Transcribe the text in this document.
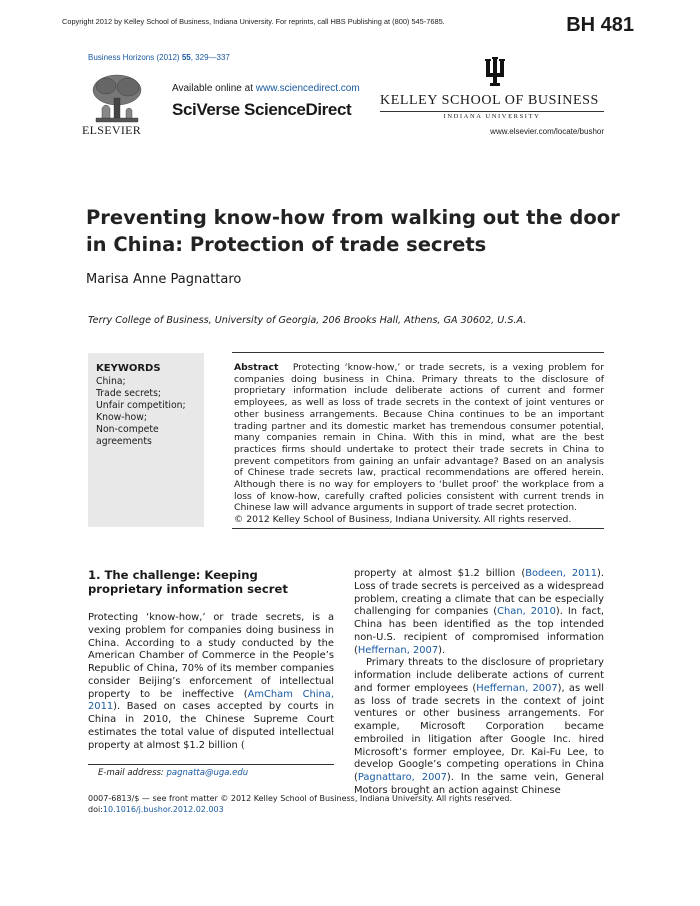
Copyright 2012 by Kelley School of Business, Indiana University. For reprints, call HBS Publishing at (800) 545-7685.	BH 481
Business Horizons (2012) 55, 329—337
ELSEVIER
Available online at www.sciencedirect.com
SciVerse ScienceDirect KELLEY SCHOOL OF BUSINESS
INDIANA UNIVERSITY
www.elsevier.com/locate/bushor
Preventing know-how from walking out the door in China: Protection of trade secrets
Marisa Anne Pagnattaro
Terry College of Business, University of Georgia, 206 Brooks Hall, Athens, GA 30602, U.S.A.
KEYWORDS
China;
Trade secrets;
Unfair competition;
Know-how;
Non-compete agreements
Abstract Protecting ‘know-how,’ or trade secrets, is a vexing problem for companies doing business in China. Primary threats to the disclosure of proprietary information include deliberate actions of current and former employees, as well as loss of trade secrets in the context of joint ventures or other business arrangements. Because China continues to be an important trading partner and its domestic market has tremendous consumer potential, many companies remain in China. With this in mind, what are the best practices firms should undertake to protect their trade secrets in China to prevent competitors from gaining an unfair advantage? Based on an analysis of Chinese trade secrets law, practical recommendations are offered herein. Although there is no way for employers to ‘bullet proof’ the workplace from a loss of know-how, carefully crafted policies consistent with current trends in Chinese law will advance arguments in support of trade secret protection.
© 2012 Kelley School of Business, Indiana University. All rights reserved.
1. The challenge: Keeping proprietary information secret
Protecting ‘know-how,’ or trade secrets, is a vexing problem for companies doing business in China. According to a study conducted by the American Chamber of Commerce in the People’s Republic of China, 70% of its member companies consider Beijing’s enforcement of intellectual property to be ineffective (AmCham China, 2011). Based on cases accepted by courts in China in 2010, the Chinese Supreme Court estimates the total value of disputed intellectual property at almost $1.2 billion (
property at almost $1.2 billion (Bodeen, 2011). Loss of trade secrets is perceived as a widespread problem, creating a climate that can be especially challenging for companies (Chan, 2010). In fact, China has been identified as the top intended non-U.S. recipient of compromised information (Heffernan, 2007).
Primary threats to the disclosure of proprietary information include deliberate actions of current and former employees (Heffernan, 2007), as well as loss of trade secrets in the context of joint ventures or other business arrangements. For example, Microsoft Corporation became embroiled in litigation after Google Inc. hired Microsoft’s former employee, Dr. Kai-Fu Lee, to develop Google’s competing operations in China (Pagnattaro, 2007). In the same vein, General Motors brought an action against Chinese
E-mail address: pagnatta@uga.edu
0007-6813/$ — see front matter © 2012 Kelley School of Business, Indiana University. All rights reserved.
doi:10.1016/j.bushor.2012.02.003
